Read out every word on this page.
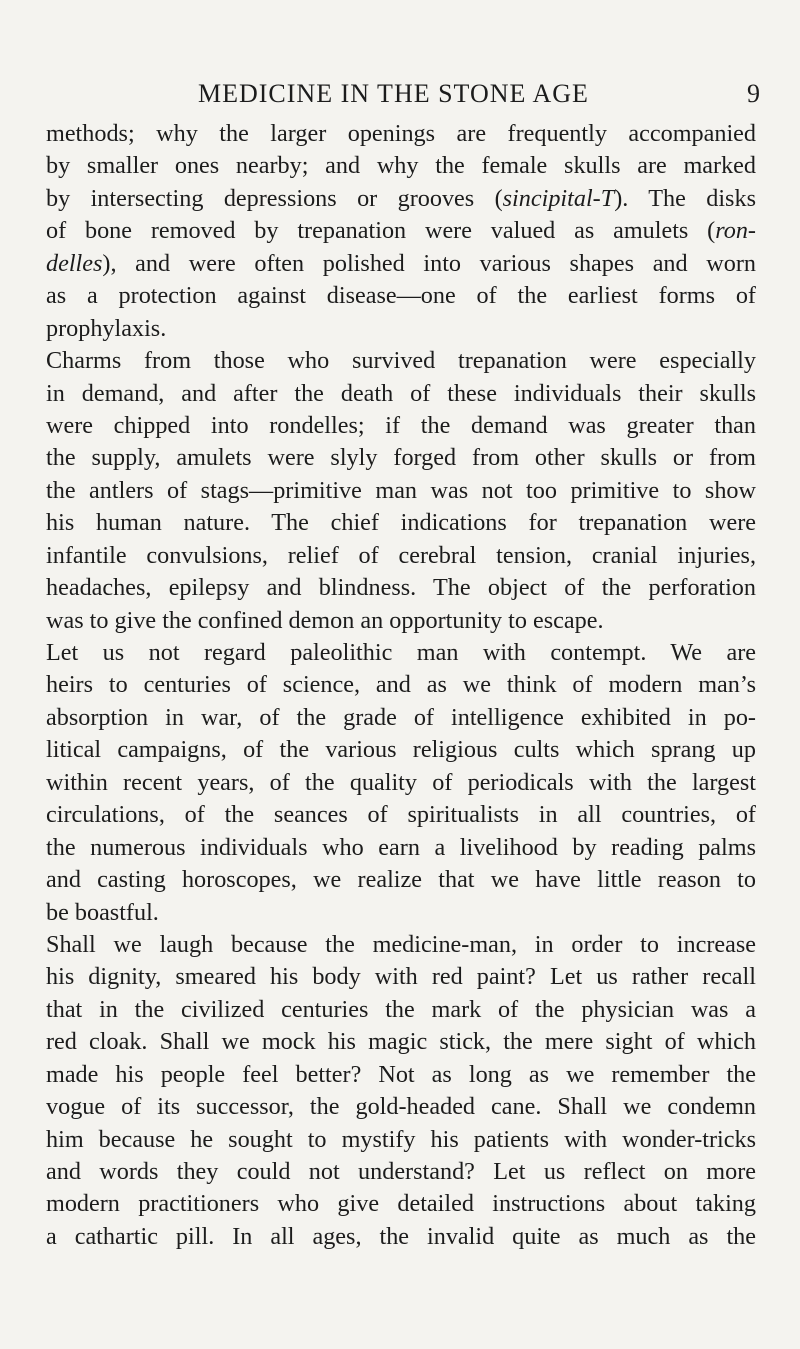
MEDICINE IN THE STONE AGE	9
methods; why the larger openings are frequently accompanied
by smaller ones nearby; and why the female skulls are marked
by intersecting depressions or grooves (sincipital-T). The disks
of bone removed by trepanation were valued as amulets (ron-
delles), and were often polished into various shapes and worn
as a protection against disease—one of the earliest forms of
prophylaxis.
Charms from those who survived trepanation were especially
in demand, and after the death of these individuals their skulls
were chipped into rondelles; if the demand was greater than
the supply, amulets were slyly forged from other skulls or from
the antlers of stags—primitive man was not too primitive to show
his human nature. The chief indications for trepanation were
infantile convulsions, relief of cerebral tension, cranial injuries,
headaches, epilepsy and blindness. The object of the perforation
was to give the confined demon an opportunity to escape.
Let us not regard paleolithic man with contempt. We are
heirs to centuries of science, and as we think of modern man’s
absorption in war, of the grade of intelligence exhibited in po-
litical campaigns, of the various religious cults which sprang up
within recent years, of the quality of periodicals with the largest
circulations, of the seances of spiritualists in all countries, of
the numerous individuals who earn a livelihood by reading palms
and casting horoscopes, we realize that we have little reason to
be boastful.
Shall we laugh because the medicine-man, in order to increase
his dignity, smeared his body with red paint? Let us rather recall
that in the civilized centuries the mark of the physician was a
red cloak. Shall we mock his magic stick, the mere sight of which
made his people feel better? Not as long as we remember the
vogue of its successor, the gold-headed cane. Shall we condemn
him because he sought to mystify his patients with wonder-tricks
and words they could not understand? Let us reflect on more
modern practitioners who give detailed instructions about taking
a cathartic pill. In all ages, the invalid quite as much as the
